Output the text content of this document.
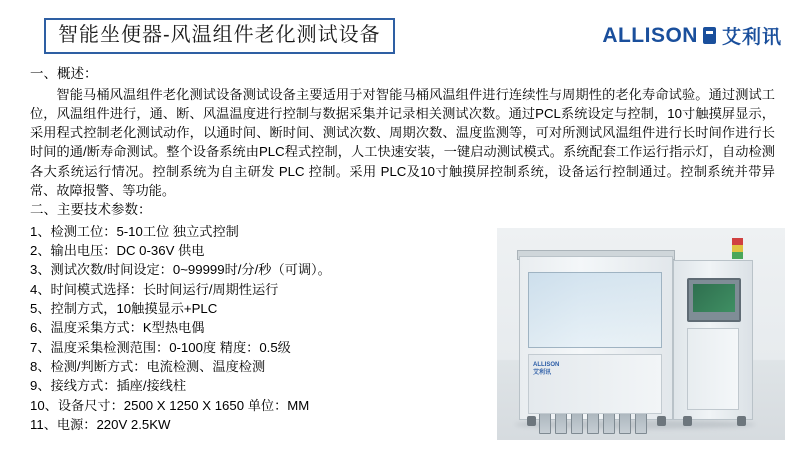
智能坐便器-风温组件老化测试设备	ALLISON 艾利讯
一、概述：
智能马桶风温组件老化测试设备测试设备主要适用于对智能马桶风温组件进行连续性与周期性的老化寿命试验。通过测试工位，风温组件进行，通、断、风温温度进行控制与数据采集并记录相关测试次数。通过PCL系统设定与控制，10寸触摸屏显示，采用程式控制老化测试动作，以通时间、断时间、测试次数、周期次数、温度监测等，可对所测试风温组件进行长时间作进行长时间的通/断寿命测试。整个设备系统由PLC程式控制，人工快速安装，一键启动测试模式。系统配套工作运行指示灯，自动检测各大系统运行情况。控制系统为自主研发 PLC 控制。采用 PLC及10寸触摸屏控制系统，设备运行控制通过。控制系统并带异常、故障报警、等功能。
二、主要技术参数：
1、检测工位：5-10工位 独立式控制
2、输出电压：DC 0-36V 供电
3、测试次数/时间设定：0~99999时/分/秒（可调）。
4、时间模式选择：长时间运行/周期性运行
5、控制方式，10触摸显示+PLC
6、温度采集方式：K型热电偶
7、温度采集检测范围：0-100度 精度：0.5级
8、检测/判断方式：电流检测、温度检测
9、接线方式：插座/接线柱
10、设备尺寸：2500 X 1250 X 1650 单位：MM
11、电源：220V 2.5KW
ALLISON
艾利讯
